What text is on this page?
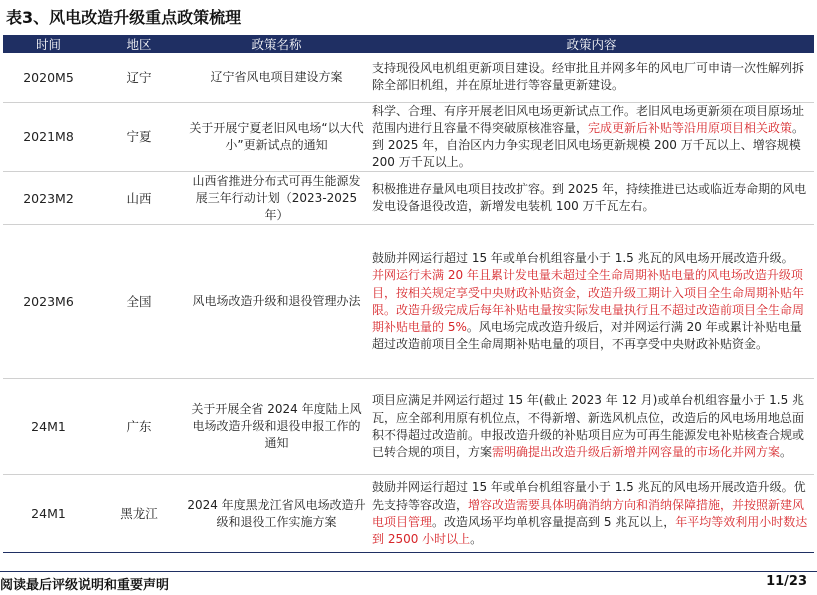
表3、风电改造升级重点政策梳理
时间	地区	政策名称	政策内容
2020M5	辽宁	辽宁省风电项目建设方案	支持现役风电机组更新项目建设。经审批且并网多年的风电厂可申请一次性解列拆除全部旧机组，并在原址进行等容量更新建设。
2021M8	宁夏	关于开展宁夏老旧风电场“以大代小”更新试点的通知	科学、合理、有序开展老旧风电场更新试点工作。老旧风电场更新须在项目原场址范围内进行且容量不得突破原核准容量，完成更新后补贴等沿用原项目相关政策。到 2025 年，自治区内力争实现老旧风电场更新规模 200 万千瓦以上、增容规模 200 万千瓦以上。
2023M2	山西	山西省推进分布式可再生能源发展三年行动计划（2023-2025 年）	积极推进存量风电项目技改扩容。到 2025 年，持续推进已达或临近寿命期的风电发电设备退役改造，新增发电装机 100 万千瓦左右。
2023M6	全国	风电场改造升级和退役管理办法	鼓励并网运行超过 15 年或单台机组容量小于 1.5 兆瓦的风电场开展改造升级。
并网运行未满 20 年且累计发电量未超过全生命周期补贴电量的风电场改造升级项目，按相关规定享受中央财政补贴资金，改造升级工期计入项目全生命周期补贴年限。改造升级完成后每年补贴电量按实际发电量执行且不超过改造前项目全生命周期补贴电量的 5%。风电场完成改造升级后，对并网运行满 20 年或累计补贴电量超过改造前项目全生命周期补贴电量的项目，不再享受中央财政补贴资金。
24M1	广东	关于开展全省 2024 年度陆上风电场改造升级和退役申报工作的通知	项目应满足并网运行超过 15 年(截止 2023 年 12 月)或单台机组容量小于 1.5 兆瓦，应全部利用原有机位点，不得新增、新选风机点位，改造后的风电场用地总面积不得超过改造前。申报改造升级的补贴项目应为可再生能源发电补贴核查合规或已转合规的项目，方案需明确提出改造升级后新增并网容量的市场化并网方案。
24M1	黑龙江	2024 年度黑龙江省风电场改造升级和退役工作实施方案	鼓励并网运行超过 15 年或单台机组容量小于 1.5 兆瓦的风电场开展改造升级。优先支持等容改造，增容改造需要具体明确消纳方向和消纳保障措施，并按照新建风电项目管理。改造风场平均单机容量提高到 5 兆瓦以上，年平均等效利用小时数达到 2500 小时以上。
阅读最后评级说明和重要声明	11/23
